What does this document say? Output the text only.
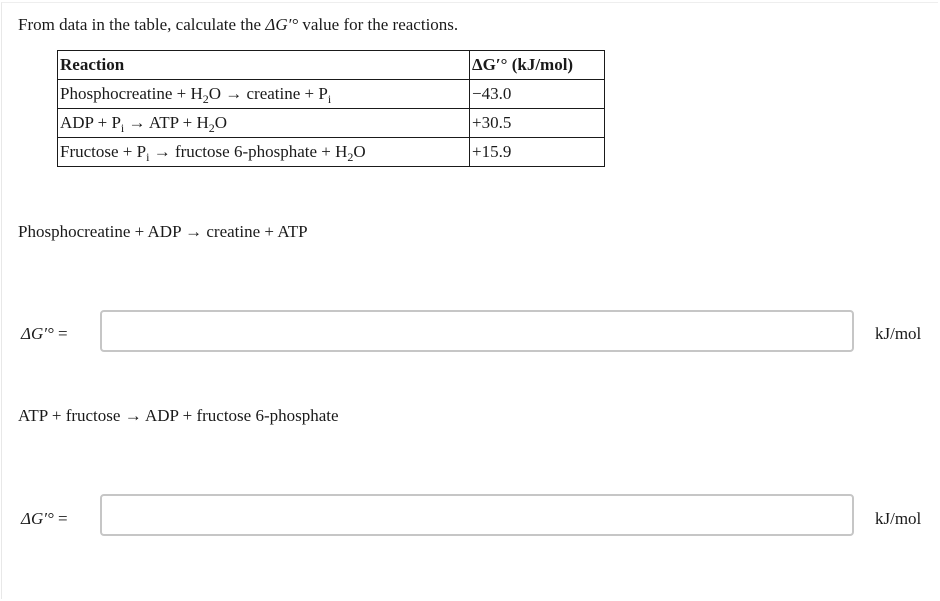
From data in the table, calculate the ΔG′° value for the reactions.
Reaction	ΔG′° (kJ/mol)
Phosphocreatine + $H_2O$ → creatine + $P_i$	−43.0
ADP + $P_i$ → ATP + $H_2O$	+30.5
Fructose + $P_i$ → fructose 6-phosphate + $H_2O$	+15.9
Phosphocreatine + ADP → creatine + ATP
ΔG′° =	kJ/mol
ATP + fructose → ADP + fructose 6-phosphate
ΔG′° =	kJ/mol
